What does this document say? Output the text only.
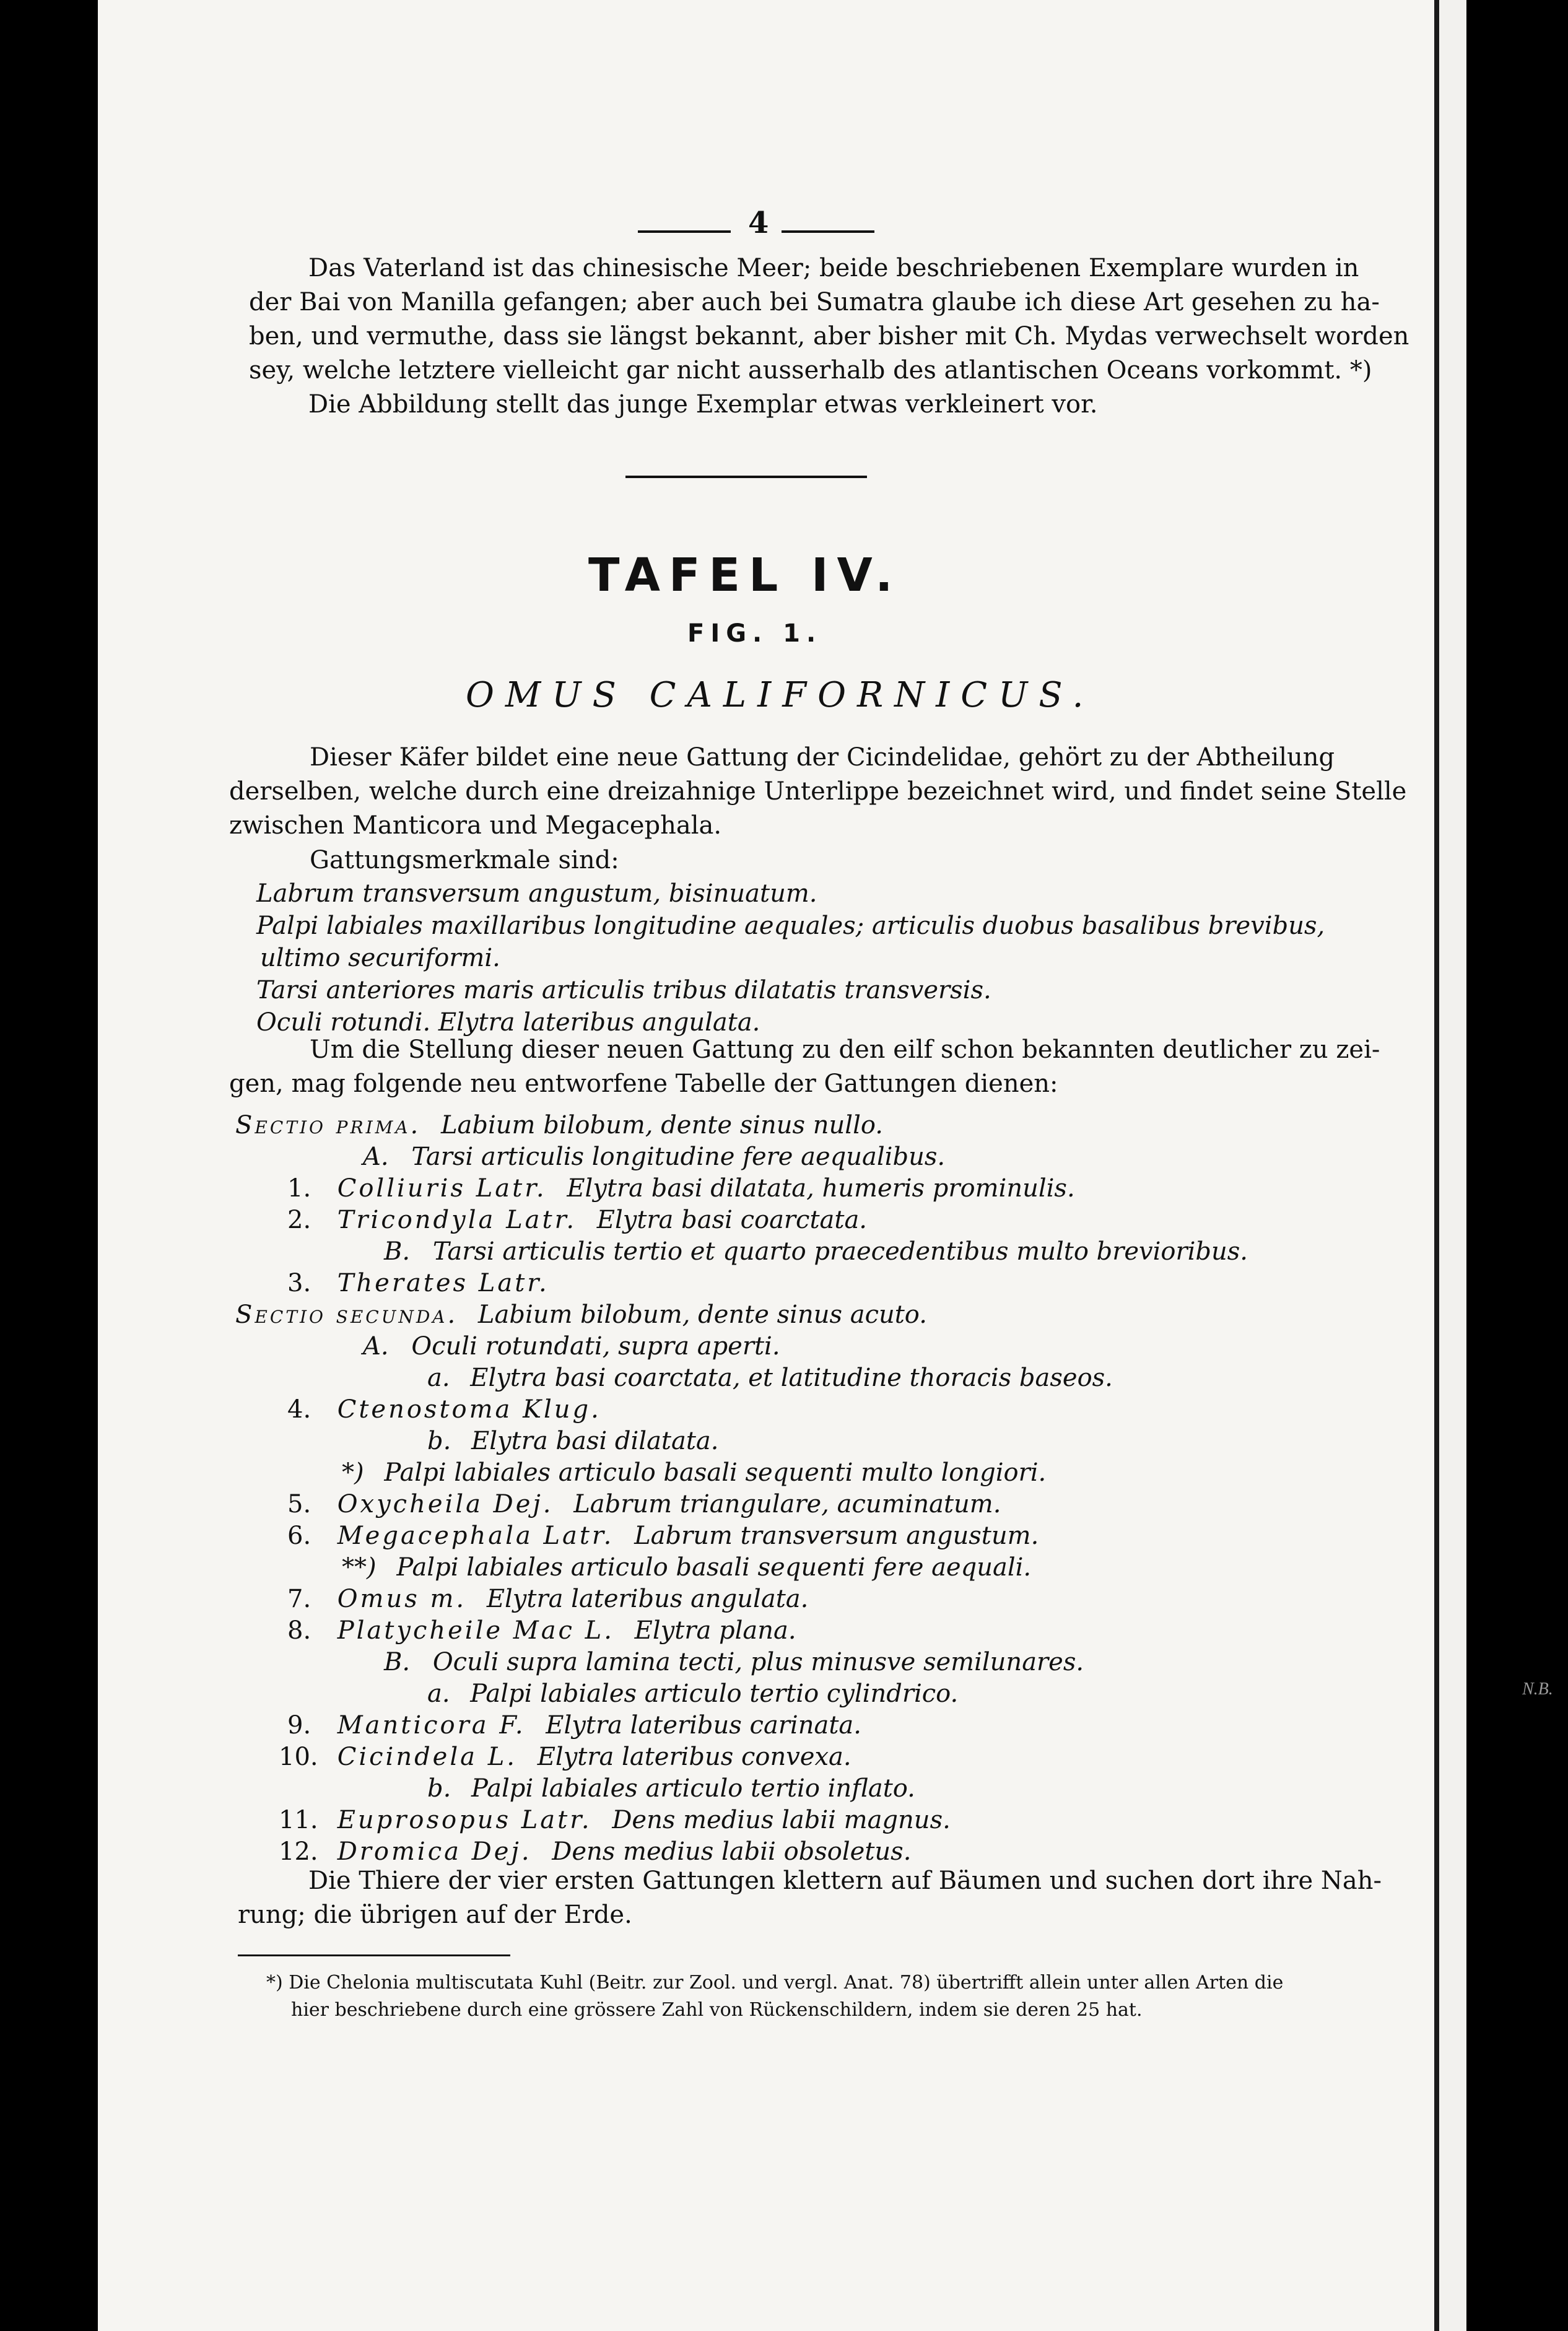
N.B.
4
Das Vaterland ist das chinesische Meer; beide beschriebenen Exemplare wurden in
der Bai von Manilla gefangen; aber auch bei Sumatra glaube ich diese Art gesehen zu ha-
ben, und vermuthe, dass sie längst bekannt, aber bisher mit Ch. Mydas verwechselt worden
sey, welche letztere vielleicht gar nicht ausserhalb des atlantischen Oceans vorkommt. *)
Die Abbildung stellt das junge Exemplar etwas verkleinert vor.
TAFEL IV.
FIG. 1.
OMUS CALIFORNICUS.
Dieser Käfer bildet eine neue Gattung der Cicindelidae, gehört zu der Abtheilung
derselben, welche durch eine dreizahnige Unterlippe bezeichnet wird, und findet seine Stelle
zwischen Manticora und Megacephala.
Gattungsmerkmale sind:
Labrum transversum angustum, bisinuatum.
Palpi labiales maxillaribus longitudine aequales; articulis duobus basalibus brevibus,
ultimo securiformi.
Tarsi anteriores maris articulis tribus dilatatis transversis.
Oculi rotundi. Elytra lateribus angulata.
Um die Stellung dieser neuen Gattung zu den eilf schon bekannten deutlicher zu zei-
gen, mag folgende neu entworfene Tabelle der Gattungen dienen:
Sectio prima. Labium bilobum, dente sinus nullo.
A. Tarsi articulis longitudine fere aequalibus.
1. Colliuris Latr. Elytra basi dilatata, humeris prominulis.
2. Tricondyla Latr. Elytra basi coarctata.
B. Tarsi articulis tertio et quarto praecedentibus multo brevioribus.
3. Therates Latr.
Sectio secunda. Labium bilobum, dente sinus acuto.
A. Oculi rotundati, supra aperti.
a. Elytra basi coarctata, et latitudine thoracis baseos.
4. Ctenostoma Klug.
b. Elytra basi dilatata.
*) Palpi labiales articulo basali sequenti multo longiori.
5. Oxycheila Dej. Labrum triangulare, acuminatum.
6. Megacephala Latr. Labrum transversum angustum.
**) Palpi labiales articulo basali sequenti fere aequali.
7. Omus m. Elytra lateribus angulata.
8. Platycheile Mac L. Elytra plana.
B. Oculi supra lamina tecti, plus minusve semilunares.
a. Palpi labiales articulo tertio cylindrico.
9. Manticora F. Elytra lateribus carinata.
10. Cicindela L. Elytra lateribus convexa.
b. Palpi labiales articulo tertio inflato.
11. Euprosopus Latr. Dens medius labii magnus.
12. Dromica Dej. Dens medius labii obsoletus.
Die Thiere der vier ersten Gattungen klettern auf Bäumen und suchen dort ihre Nah-
rung; die übrigen auf der Erde.
*) Die Chelonia multiscutata Kuhl (Beitr. zur Zool. und vergl. Anat. 78) übertrifft allein unter allen Arten die
hier beschriebene durch eine grössere Zahl von Rückenschildern, indem sie deren 25 hat.
